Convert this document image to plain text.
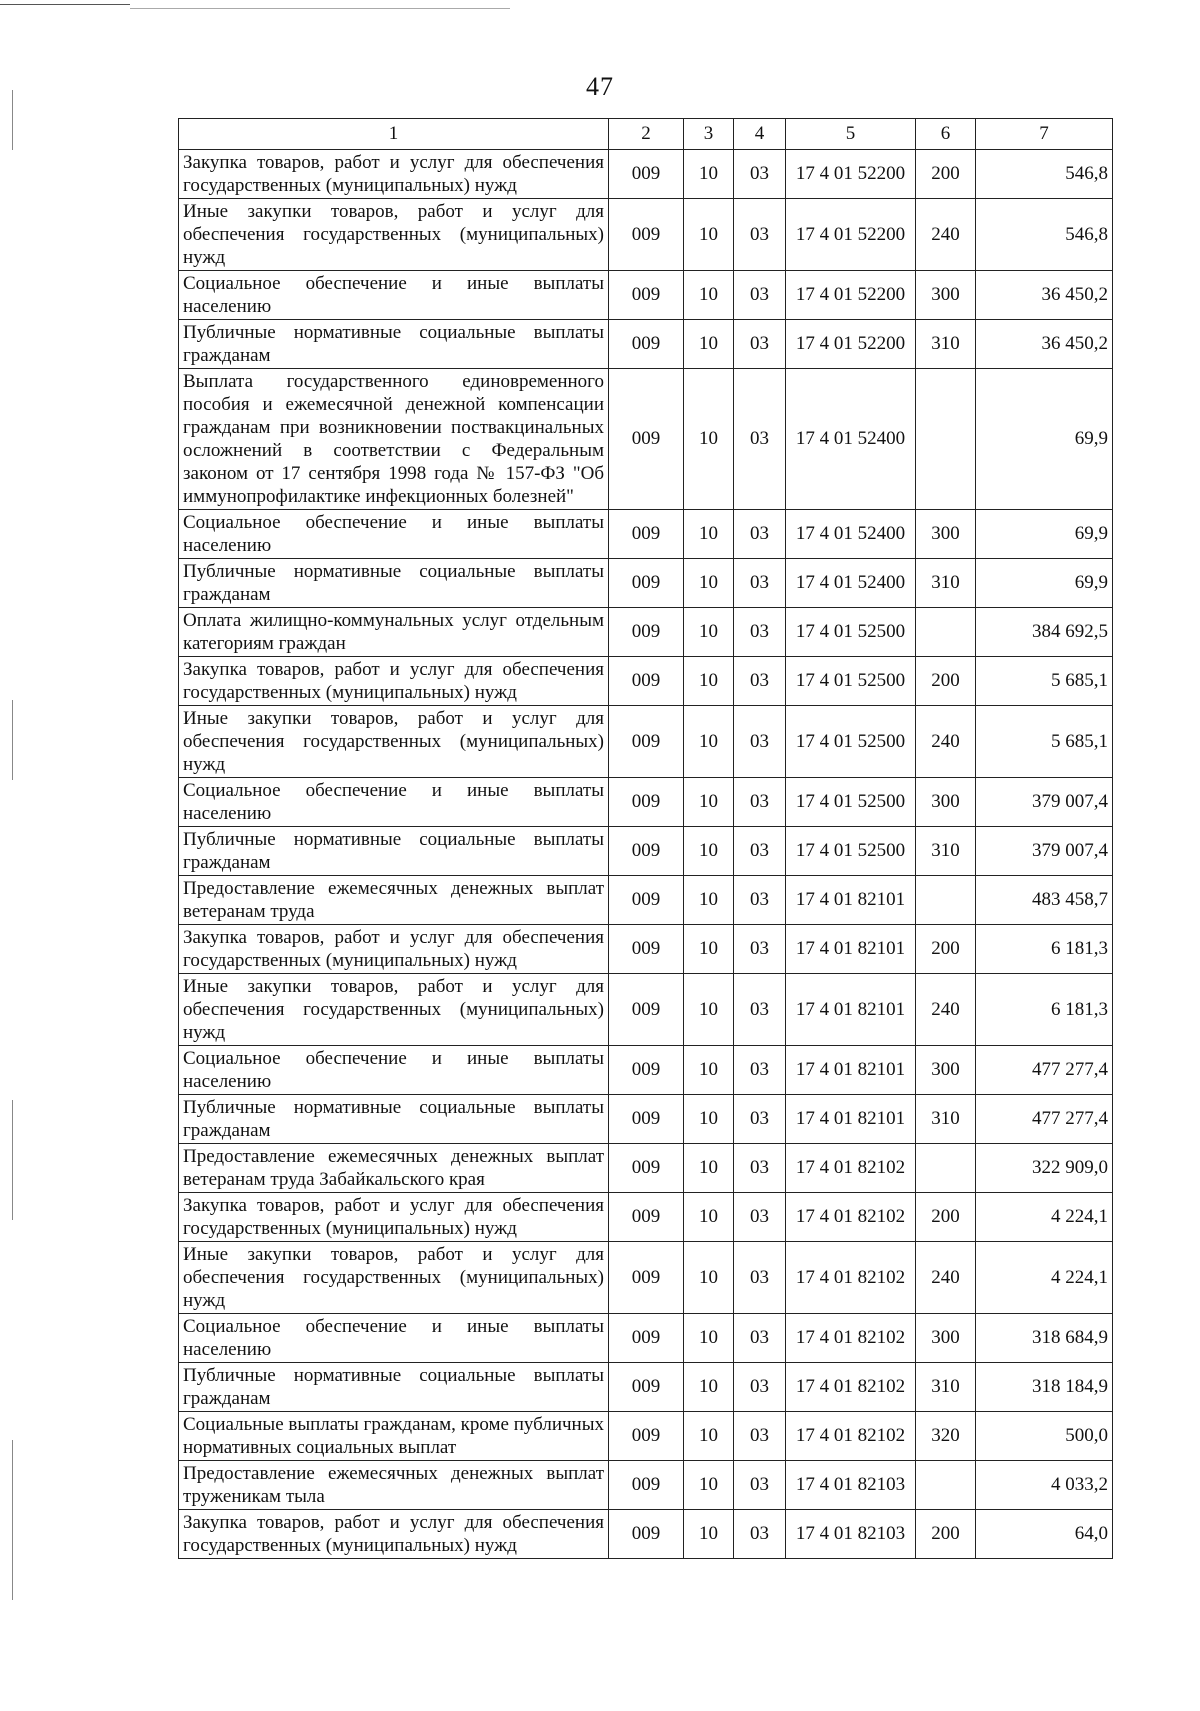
47
1	2	3	4	5	6	7
Закупка товаров, работ и услуг для обеспечения государственных (муниципальных) нужд	009	10	03	17 4 01 52200	200	546,8
Иные закупки товаров, работ и услуг для обеспечения государственных (муниципальных) нужд	009	10	03	17 4 01 52200	240	546,8
Социальное обеспечение и иные выплаты населению	009	10	03	17 4 01 52200	300	36 450,2
Публичные нормативные социальные выплаты гражданам	009	10	03	17 4 01 52200	310	36 450,2
Выплата государственного единовременного пособия и ежемесячной денежной компенсации гражданам при возникновении поствакцинальных осложнений в соответствии с Федеральным законом от 17 сентября 1998 года № 157-ФЗ "Об иммунопрофилактике инфекционных болезней"	009	10	03	17 4 01 52400		69,9
Социальное обеспечение и иные выплаты населению	009	10	03	17 4 01 52400	300	69,9
Публичные нормативные социальные выплаты гражданам	009	10	03	17 4 01 52400	310	69,9
Оплата жилищно-коммунальных услуг отдельным категориям граждан	009	10	03	17 4 01 52500		384 692,5
Закупка товаров, работ и услуг для обеспечения государственных (муниципальных) нужд	009	10	03	17 4 01 52500	200	5 685,1
Иные закупки товаров, работ и услуг для обеспечения государственных (муниципальных) нужд	009	10	03	17 4 01 52500	240	5 685,1
Социальное обеспечение и иные выплаты населению	009	10	03	17 4 01 52500	300	379 007,4
Публичные нормативные социальные выплаты гражданам	009	10	03	17 4 01 52500	310	379 007,4
Предоставление ежемесячных денежных выплат ветеранам труда	009	10	03	17 4 01 82101		483 458,7
Закупка товаров, работ и услуг для обеспечения государственных (муниципальных) нужд	009	10	03	17 4 01 82101	200	6 181,3
Иные закупки товаров, работ и услуг для обеспечения государственных (муниципальных) нужд	009	10	03	17 4 01 82101	240	6 181,3
Социальное обеспечение и иные выплаты населению	009	10	03	17 4 01 82101	300	477 277,4
Публичные нормативные социальные выплаты гражданам	009	10	03	17 4 01 82101	310	477 277,4
Предоставление ежемесячных денежных выплат ветеранам труда Забайкальского края	009	10	03	17 4 01 82102		322 909,0
Закупка товаров, работ и услуг для обеспечения государственных (муниципальных) нужд	009	10	03	17 4 01 82102	200	4 224,1
Иные закупки товаров, работ и услуг для обеспечения государственных (муниципальных) нужд	009	10	03	17 4 01 82102	240	4 224,1
Социальное обеспечение и иные выплаты населению	009	10	03	17 4 01 82102	300	318 684,9
Публичные нормативные социальные выплаты гражданам	009	10	03	17 4 01 82102	310	318 184,9
Социальные выплаты гражданам, кроме публичных нормативных социальных выплат	009	10	03	17 4 01 82102	320	500,0
Предоставление ежемесячных денежных выплат труженикам тыла	009	10	03	17 4 01 82103		4 033,2
Закупка товаров, работ и услуг для обеспечения государственных (муниципальных) нужд	009	10	03	17 4 01 82103	200	64,0
